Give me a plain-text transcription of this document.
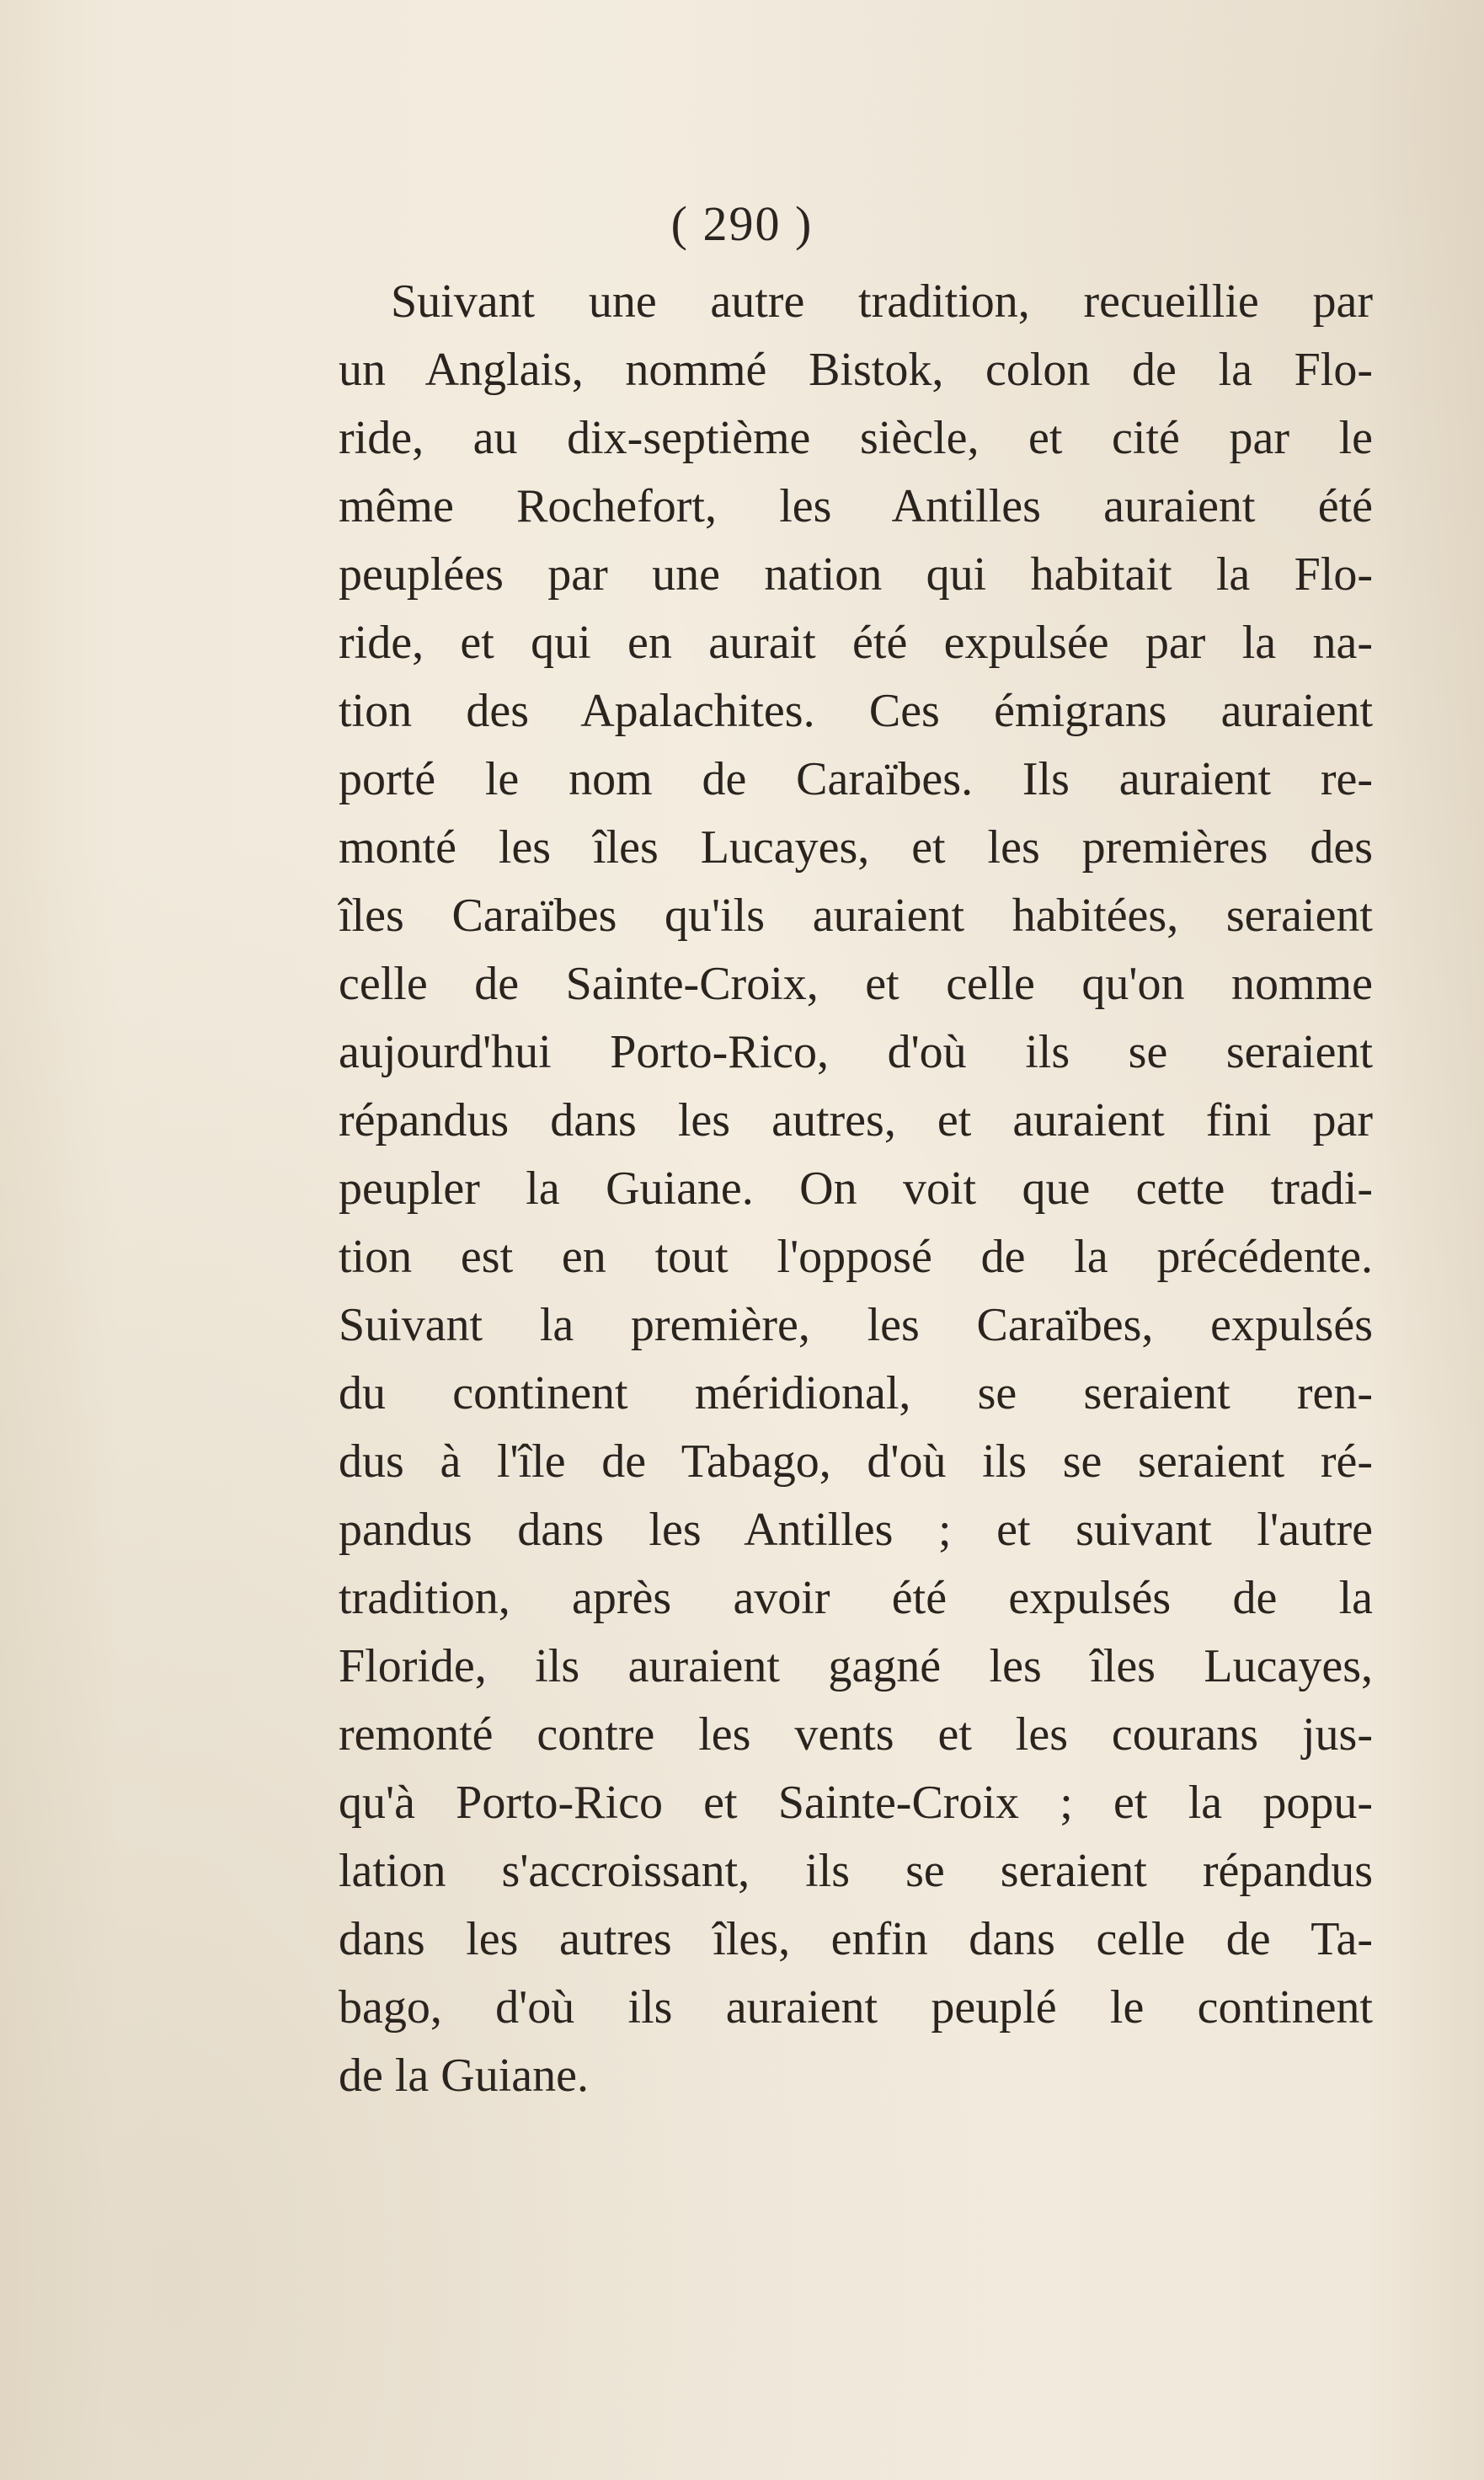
( 290 )
Suivant une autre tradition, recueillie par
un Anglais, nommé Bistok, colon de la Flo-
ride, au dix-septième siècle, et cité par le
même Rochefort, les Antilles auraient été
peuplées par une nation qui habitait la Flo-
ride, et qui en aurait été expulsée par la na-
tion des Apalachites. Ces émigrans auraient
porté le nom de Caraïbes. Ils auraient re-
monté les îles Lucayes, et les premières des
îles Caraïbes qu'ils auraient habitées, seraient
celle de Sainte-Croix, et celle qu'on nomme
aujourd'hui Porto-Rico, d'où ils se seraient
répandus dans les autres, et auraient fini par
peupler la Guiane. On voit que cette tradi-
tion est en tout l'opposé de la précédente.
Suivant la première, les Caraïbes, expulsés
du continent méridional, se seraient ren-
dus à l'île de Tabago, d'où ils se seraient ré-
pandus dans les Antilles ; et suivant l'autre
tradition, après avoir été expulsés de la
Floride, ils auraient gagné les îles Lucayes,
remonté contre les vents et les courans jus-
qu'à Porto-Rico et Sainte-Croix ; et la popu-
lation s'accroissant, ils se seraient répandus
dans les autres îles, enfin dans celle de Ta-
bago, d'où ils auraient peuplé le continent
de la Guiane.
